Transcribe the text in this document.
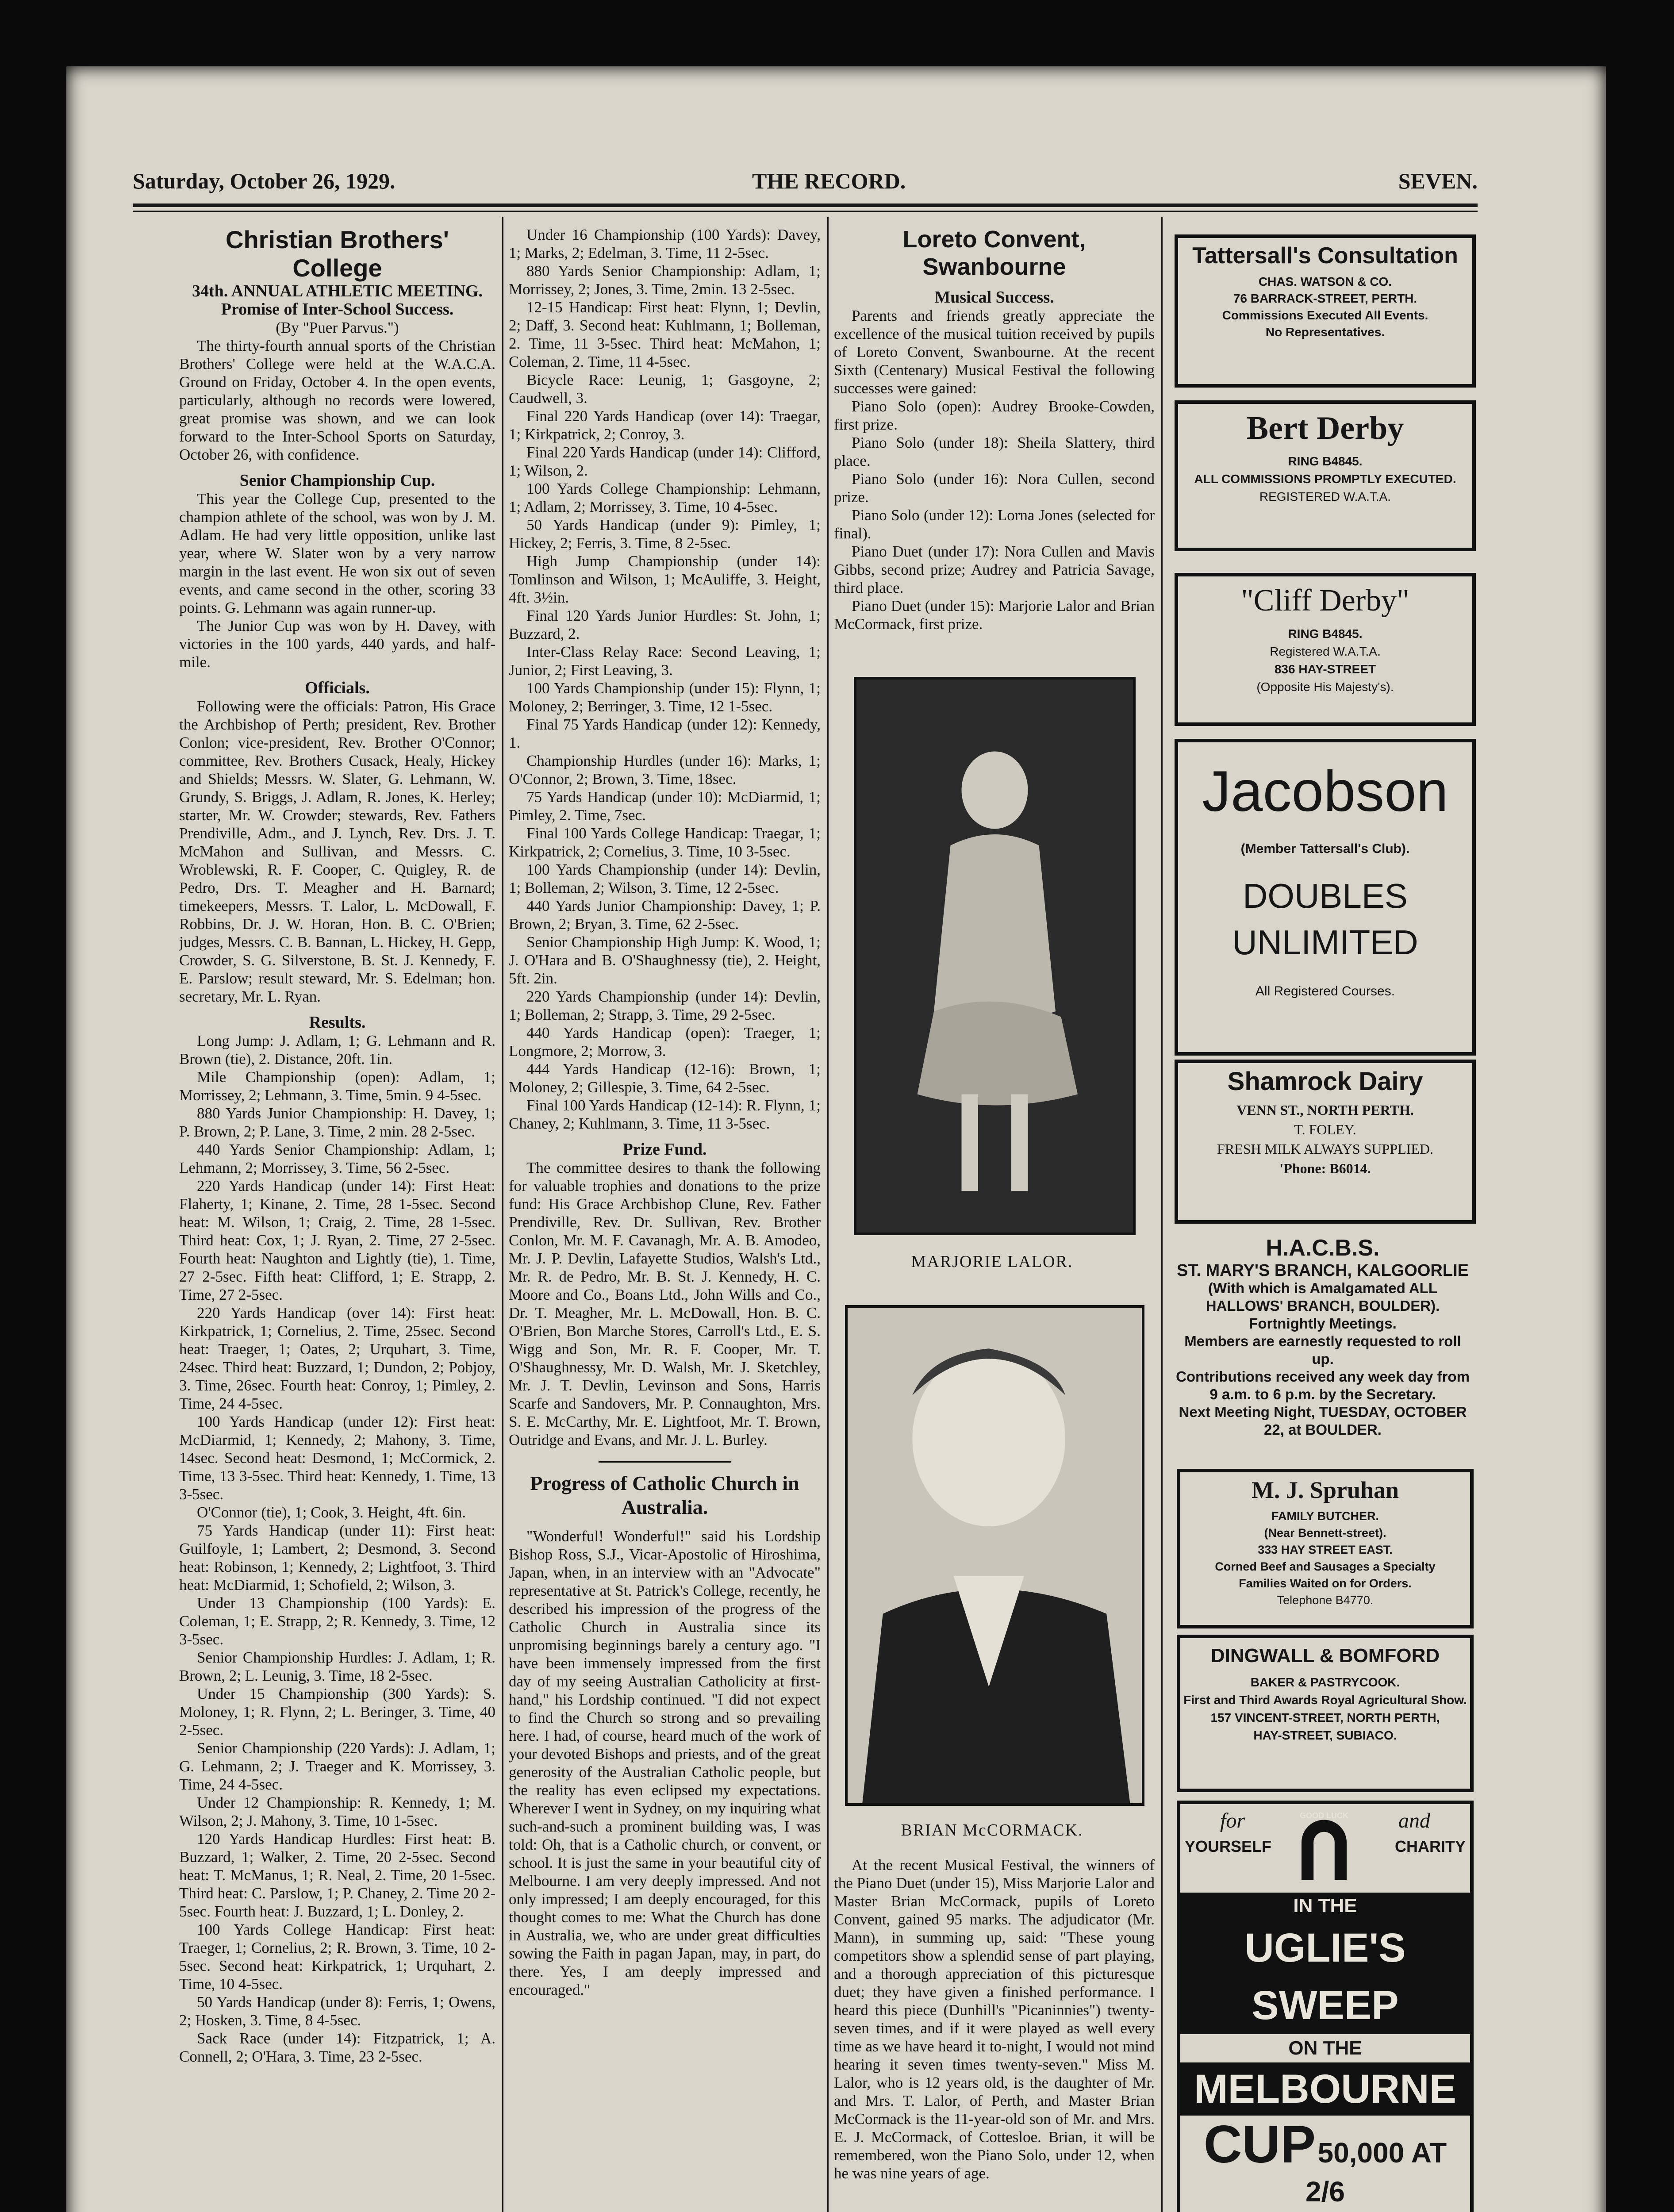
Saturday, October 26, 1929.	THE RECORD.	SEVEN.

Christian Brothers' College

34th. ANNUAL ATHLETIC MEETING.

Promise of Inter-School Success.

(By "Puer Parvus.")

The thirty-fourth annual sports of the Christian Brothers' College were held at the W.A.C.A. Ground on Friday, October 4. In the open events, particularly, although no records were lowered, great promise was shown, and we can look forward to the Inter-School Sports on Saturday, October 26, with confidence.

Senior Championship Cup.

This year the College Cup, presented to the champion athlete of the school, was won by J. M. Adlam. He had very little opposition, unlike last year, where W. Slater won by a very narrow margin in the last event. He won six out of seven events, and came second in the other, scoring 33 points. G. Lehmann was again runner-up.

The Junior Cup was won by H. Davey, with victories in the 100 yards, 440 yards, and half-mile.

Officials.

Following were the officials: Patron, His Grace the Archbishop of Perth; president, Rev. Brother Conlon; vice-president, Rev. Brother O'Connor; committee, Rev. Brothers Cusack, Healy, Hickey and Shields; Messrs. W. Slater, G. Lehmann, W. Grundy, S. Briggs, J. Adlam, R. Jones, K. Herley; starter, Mr. W. Crowder; stewards, Rev. Fathers Prendiville, Adm., and J. Lynch, Rev. Drs. J. T. McMahon and Sullivan, and Messrs. C. Wroblewski, R. F. Cooper, C. Quigley, R. de Pedro, Drs. T. Meagher and H. Barnard; timekeepers, Messrs. T. Lalor, L. McDowall, F. Robbins, Dr. J. W. Horan, Hon. B. C. O'Brien; judges, Messrs. C. B. Bannan, L. Hickey, H. Gepp, Crowder, S. G. Silverstone, B. St. J. Kennedy, F. E. Parslow; result steward, Mr. S. Edelman; hon. secretary, Mr. L. Ryan.

Results.

Long Jump: J. Adlam, 1; G. Lehmann and R. Brown (tie), 2. Distance, 20ft. 1in.

Mile Championship (open): Adlam, 1; Morrissey, 2; Lehmann, 3. Time, 5min. 9 4-5sec.

880 Yards Junior Championship: H. Davey, 1; P. Brown, 2; P. Lane, 3. Time, 2 min. 28 2-5sec.

440 Yards Senior Championship: Adlam, 1; Lehmann, 2; Morrissey, 3. Time, 56 2-5sec.

220 Yards Handicap (under 14): First Heat: Flaherty, 1; Kinane, 2. Time, 28 1-5sec. Second heat: M. Wilson, 1; Craig, 2. Time, 28 1-5sec. Third heat: Cox, 1; J. Ryan, 2. Time, 27 2-5sec. Fourth heat: Naughton and Lightly (tie), 1. Time, 27 2-5sec. Fifth heat: Clifford, 1; E. Strapp, 2. Time, 27 2-5sec.

220 Yards Handicap (over 14): First heat: Kirkpatrick, 1; Cornelius, 2. Time, 25sec. Second heat: Traeger, 1; Oates, 2; Urquhart, 3. Time, 24sec. Third heat: Buzzard, 1; Dundon, 2; Pobjoy, 3. Time, 26sec. Fourth heat: Conroy, 1; Pimley, 2. Time, 24 4-5sec.

100 Yards Handicap (under 12): First heat: McDiarmid, 1; Kennedy, 2; Mahony, 3. Time, 14sec. Second heat: Desmond, 1; McCormick, 2. Time, 13 3-5sec. Third heat: Kennedy, 1. Time, 13 3-5sec.

O'Connor (tie), 1; Cook, 3. Height, 4ft. 6in.

75 Yards Handicap (under 11): First heat: Guilfoyle, 1; Lambert, 2; Desmond, 3. Second heat: Robinson, 1; Kennedy, 2; Lightfoot, 3. Third heat: McDiarmid, 1; Schofield, 2; Wilson, 3.

Under 13 Championship (100 Yards): E. Coleman, 1; E. Strapp, 2; R. Kennedy, 3. Time, 12 3-5sec.

Senior Championship Hurdles: J. Adlam, 1; R. Brown, 2; L. Leunig, 3. Time, 18 2-5sec.

Under 15 Championship (300 Yards): S. Moloney, 1; R. Flynn, 2; L. Beringer, 3. Time, 40 2-5sec.

Senior Championship (220 Yards): J. Adlam, 1; G. Lehmann, 2; J. Traeger and K. Morrissey, 3. Time, 24 4-5sec.

Under 12 Championship: R. Kennedy, 1; M. Wilson, 2; J. Mahony, 3. Time, 10 1-5sec.

120 Yards Handicap Hurdles: First heat: B. Buzzard, 1; Walker, 2. Time, 20 2-5sec. Second heat: T. McManus, 1; R. Neal, 2. Time, 20 1-5sec. Third heat: C. Parslow, 1; P. Chaney, 2. Time 20 2-5sec. Fourth heat: J. Buzzard, 1; L. Donley, 2.

100 Yards College Handicap: First heat: Traeger, 1; Cornelius, 2; R. Brown, 3. Time, 10 2-5sec. Second heat: Kirkpatrick, 1; Urquhart, 2. Time, 10 4-5sec.

50 Yards Handicap (under 8): Ferris, 1; Owens, 2; Hosken, 3. Time, 8 4-5sec.

Sack Race (under 14): Fitzpatrick, 1; A. Connell, 2; O'Hara, 3. Time, 23 2-5sec.

Under 16 Championship (100 Yards): Davey, 1; Marks, 2; Edelman, 3. Time, 11 2-5sec.

880 Yards Senior Championship: Adlam, 1; Morrissey, 2; Jones, 3. Time, 2min. 13 2-5sec.

12-15 Handicap: First heat: Flynn, 1; Devlin, 2; Daff, 3. Second heat: Kuhlmann, 1; Bolleman, 2. Time, 11 3-5sec. Third heat: McMahon, 1; Coleman, 2. Time, 11 4-5sec.

Bicycle Race: Leunig, 1; Gasgoyne, 2; Caudwell, 3.

Final 220 Yards Handicap (over 14): Traegar, 1; Kirkpatrick, 2; Conroy, 3.

Final 220 Yards Handicap (under 14): Clifford, 1; Wilson, 2.

100 Yards College Championship: Lehmann, 1; Adlam, 2; Morrissey, 3. Time, 10 4-5sec.

50 Yards Handicap (under 9): Pimley, 1; Hickey, 2; Ferris, 3. Time, 8 2-5sec.

High Jump Championship (under 14): Tomlinson and Wilson, 1; McAuliffe, 3. Height, 4ft. 3½in.

Final 120 Yards Junior Hurdles: St. John, 1; Buzzard, 2.

Inter-Class Relay Race: Second Leaving, 1; Junior, 2; First Leaving, 3.

100 Yards Championship (under 15): Flynn, 1; Moloney, 2; Berringer, 3. Time, 12 1-5sec.

Final 75 Yards Handicap (under 12): Kennedy, 1.

Championship Hurdles (under 16): Marks, 1; O'Connor, 2; Brown, 3. Time, 18sec.

75 Yards Handicap (under 10): McDiarmid, 1; Pimley, 2. Time, 7sec.

Final 100 Yards College Handicap: Traegar, 1; Kirkpatrick, 2; Cornelius, 3. Time, 10 3-5sec.

100 Yards Championship (under 14): Devlin, 1; Bolleman, 2; Wilson, 3. Time, 12 2-5sec.

440 Yards Junior Championship: Davey, 1; P. Brown, 2; Bryan, 3. Time, 62 2-5sec.

Senior Championship High Jump: K. Wood, 1; J. O'Hara and B. O'Shaughnessy (tie), 2. Height, 5ft. 2in.

220 Yards Championship (under 14): Devlin, 1; Bolleman, 2; Strapp, 3. Time, 29 2-5sec.

440 Yards Handicap (open): Traeger, 1; Longmore, 2; Morrow, 3.

444 Yards Handicap (12-16): Brown, 1; Moloney, 2; Gillespie, 3. Time, 64 2-5sec.

Final 100 Yards Handicap (12-14): R. Flynn, 1; Chaney, 2; Kuhlmann, 3. Time, 11 3-5sec.

Prize Fund.

The committee desires to thank the following for valuable trophies and donations to the prize fund: His Grace Archbishop Clune, Rev. Father Prendiville, Rev. Dr. Sullivan, Rev. Brother Conlon, Mr. M. F. Cavanagh, Mr. A. B. Amodeo, Mr. J. P. Devlin, Lafayette Studios, Walsh's Ltd., Mr. R. de Pedro, Mr. B. St. J. Kennedy, H. C. Moore and Co., Boans Ltd., John Wills and Co., Dr. T. Meagher, Mr. L. McDowall, Hon. B. C. O'Brien, Bon Marche Stores, Carroll's Ltd., E. S. Wigg and Son, Mr. R. F. Cooper, Mr. T. O'Shaughnessy, Mr. D. Walsh, Mr. J. Sketchley, Mr. J. T. Devlin, Levinson and Sons, Harris Scarfe and Sandovers, Mr. P. Connaughton, Mrs. S. E. McCarthy, Mr. E. Lightfoot, Mr. T. Brown, Outridge and Evans, and Mr. J. L. Burley.

Progress of Catholic Church in Australia.

"Wonderful! Wonderful!" said his Lordship Bishop Ross, S.J., Vicar-Apostolic of Hiroshima, Japan, when, in an interview with an "Advocate" representative at St. Patrick's College, recently, he described his impression of the progress of the Catholic Church in Australia since its unpromising beginnings barely a century ago. "I have been immensely impressed from the first day of my seeing Australian Catholicity at first-hand," his Lordship continued. "I did not expect to find the Church so strong and so prevailing here. I had, of course, heard much of the work of your devoted Bishops and priests, and of the great generosity of the Australian Catholic people, but the reality has even eclipsed my expectations. Wherever I went in Sydney, on my inquiring what such-and-such a prominent building was, I was told: Oh, that is a Catholic church, or convent, or school. It is just the same in your beautiful city of Melbourne. I am very deeply impressed. And not only impressed; I am deeply encouraged, for this thought comes to me: What the Church has done in Australia, we, who are under great difficulties sowing the Faith in pagan Japan, may, in part, do there. Yes, I am deeply impressed and encouraged."

Loreto Convent, Swanbourne

Musical Success.

Parents and friends greatly appreciate the excellence of the musical tuition received by pupils of Loreto Convent, Swanbourne. At the recent Sixth (Centenary) Musical Festival the following successes were gained:

Piano Solo (open): Audrey Brooke-Cowden, first prize.

Piano Solo (under 18): Sheila Slattery, third place.

Piano Solo (under 16): Nora Cullen, second prize.

Piano Solo (under 12): Lorna Jones (selected for final).

Piano Duet (under 17): Nora Cullen and Mavis Gibbs, second prize; Audrey and Patricia Savage, third place.

Piano Duet (under 15): Marjorie Lalor and Brian McCormack, first prize.

MARJORIE LALOR.
BRIAN McCORMACK.

At the recent Musical Festival, the winners of the Piano Duet (under 15), Miss Marjorie Lalor and Master Brian McCormack, pupils of Loreto Convent, gained 95 marks. The adjudicator (Mr. Mann), in summing up, said: "These young competitors show a splendid sense of part playing, and a thorough appreciation of this picturesque duet; they have given a finished performance. I heard this piece (Dunhill's "Picaninnies") twenty-seven times, and if it were played as well every time as we have heard it to-night, I would not mind hearing it seven times twenty-seven." Miss M. Lalor, who is 12 years old, is the daughter of Mr. and Mrs. T. Lalor, of Perth, and Master Brian McCormack is the 11-year-old son of Mr. and Mrs. E. J. McCormack, of Cottesloe. Brian, it will be remembered, won the Piano Solo, under 12, when he was nine years of age.

Tattersall's Consultation
CHAS. WATSON & CO.
76 BARRACK-STREET, PERTH.
Commissions Executed All Events.
No Representatives.
Bert Derby
RING B4845.
ALL COMMISSIONS PROMPTLY EXECUTED.
REGISTERED W.A.T.A.
"Cliff Derby"
RING B4845.
Registered W.A.T.A.
836 HAY-STREET
(Opposite His Majesty's).
Jacobson
(Member Tattersall's Club).
DOUBLES
UNLIMITED
All Registered Courses.
Shamrock Dairy
VENN ST., NORTH PERTH.
T. FOLEY.
FRESH MILK ALWAYS SUPPLIED.
'Phone: B6014.

H.A.C.B.S.

ST. MARY'S BRANCH, KALGOORLIE

(With which is Amalgamated ALL HALLOWS' BRANCH, BOULDER).

Fortnightly Meetings.

Members are earnestly requested to roll up.

Contributions received any week day from 9 a.m. to 6 p.m. by the Secretary.

Next Meeting Night, TUESDAY, OCTOBER 22, at BOULDER.

M. J. Spruhan
FAMILY BUTCHER.
(Near Bennett-street).
333 HAY STREET EAST.
Corned Beef and Sausages a Specialty
Families Waited on for Orders.
Telephone B4770.
DINGWALL & BOMFORD
BAKER & PASTRYCOOK.
First and Third Awards Royal Agricultural Show.
157 VINCENT-STREET, NORTH PERTH,
HAY-STREET, SUBIACO.
for	and
YOURSELF	CHARITY
GOOD LUCK
IN THE
UGLIE'S SWEEP
ON THE
MELBOURNE
CUP 50,000 AT 2/6
